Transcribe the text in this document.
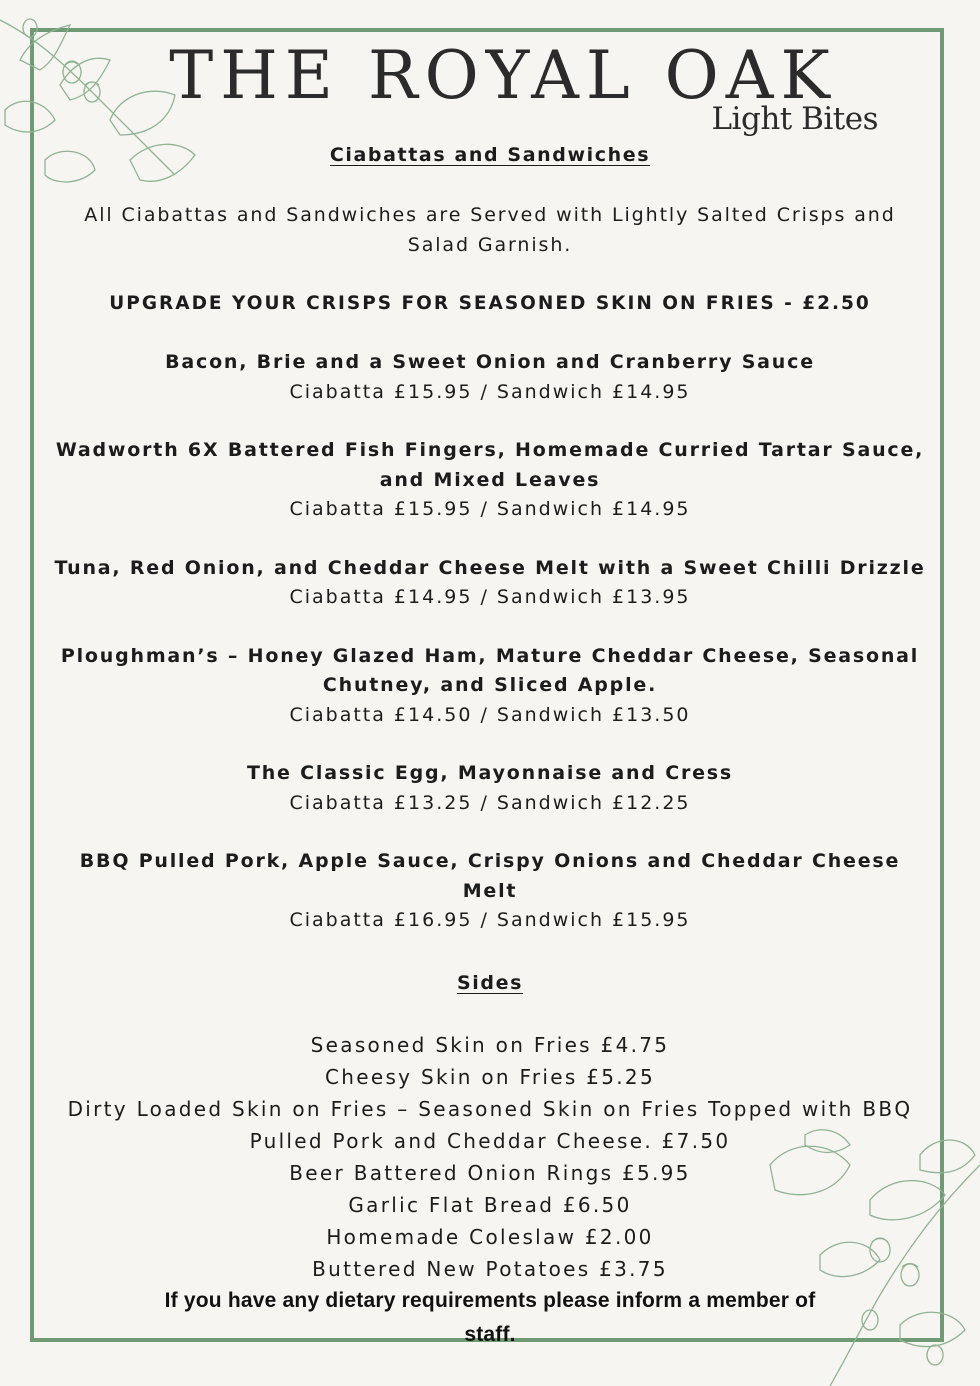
THE ROYAL OAK
Light Bites
Ciabattas and Sandwiches
All Ciabattas and Sandwiches are Served with Lightly Salted Crisps and Salad Garnish.
UPGRADE YOUR CRISPS FOR SEASONED SKIN ON FRIES - £2.50
Bacon, Brie and a Sweet Onion and Cranberry Sauce
Ciabatta £15.95 / Sandwich £14.95
Wadworth 6X Battered Fish Fingers, Homemade Curried Tartar Sauce, and Mixed Leaves
Ciabatta £15.95 / Sandwich £14.95
Tuna, Red Onion, and Cheddar Cheese Melt with a Sweet Chilli Drizzle
Ciabatta £14.95 / Sandwich £13.95
Ploughman’s – Honey Glazed Ham, Mature Cheddar Cheese, Seasonal Chutney, and Sliced Apple.
Ciabatta £14.50 / Sandwich £13.50
The Classic Egg, Mayonnaise and Cress
Ciabatta £13.25 / Sandwich £12.25
BBQ Pulled Pork, Apple Sauce, Crispy Onions and Cheddar Cheese Melt
Ciabatta £16.95 / Sandwich £15.95
Sides
Seasoned Skin on Fries £4.75
Cheesy Skin on Fries £5.25
Dirty Loaded Skin on Fries – Seasoned Skin on Fries Topped with BBQ Pulled Pork and Cheddar Cheese. £7.50
Beer Battered Onion Rings £5.95
Garlic Flat Bread £6.50
Homemade Coleslaw £2.00
Buttered New Potatoes £3.75
If you have any dietary requirements please inform a member of staff.
